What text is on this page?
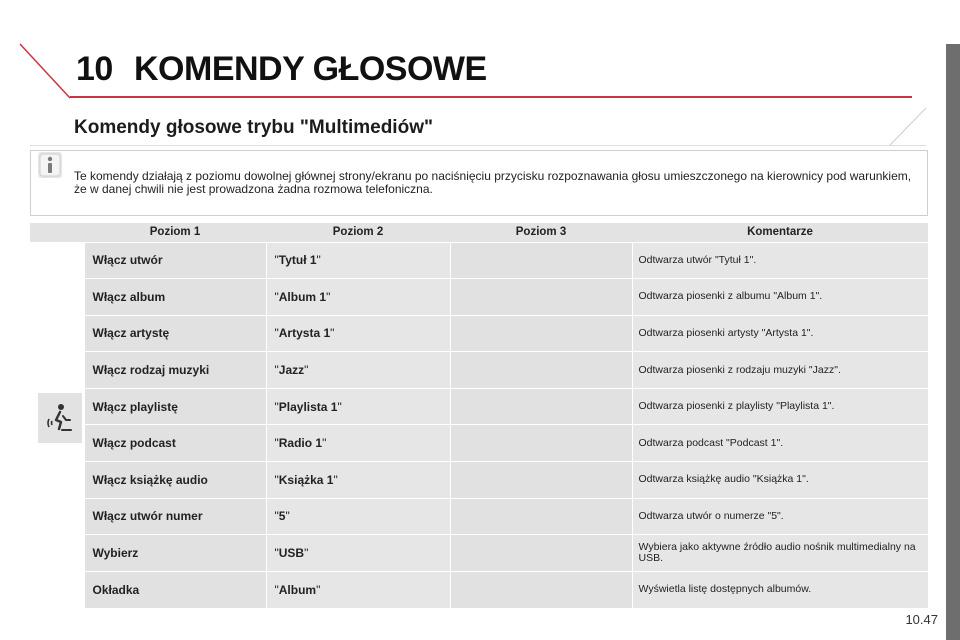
10 KOMENDY GŁOSOWE
Komendy głosowe trybu "Multimediów"
Te komendy działają z poziomu dowolnej głównej strony/ekranu po naciśnięciu przycisku rozpoznawania głosu umieszczonego na kierownicy pod warunkiem, że w danej chwili nie jest prowadzona żadna rozmowa telefoniczna.
	Poziom 1	Poziom 2	Poziom 3	Komentarze
	Włącz utwór	"Tytuł 1"		Odtwarza utwór "Tytuł 1".
	Włącz album	"Album 1"		Odtwarza piosenki z albumu "Album 1".
	Włącz artystę	"Artysta 1"		Odtwarza piosenki artysty "Artysta 1".
	Włącz rodzaj muzyki	"Jazz"		Odtwarza piosenki z rodzaju muzyki "Jazz".
	Włącz playlistę	"Playlista 1"		Odtwarza piosenki z playlisty "Playlista 1".
	Włącz podcast	"Radio 1"		Odtwarza podcast "Podcast 1".
	Włącz książkę audio	"Książka 1"		Odtwarza książkę audio "Książka 1".
	Włącz utwór numer	"5"		Odtwarza utwór o numerze "5".
	Wybierz	"USB"		Wybiera jako aktywne źródło audio nośnik multimedialny na USB.
	Okładka	"Album"		Wyświetla listę dostępnych albumów.
10.47
